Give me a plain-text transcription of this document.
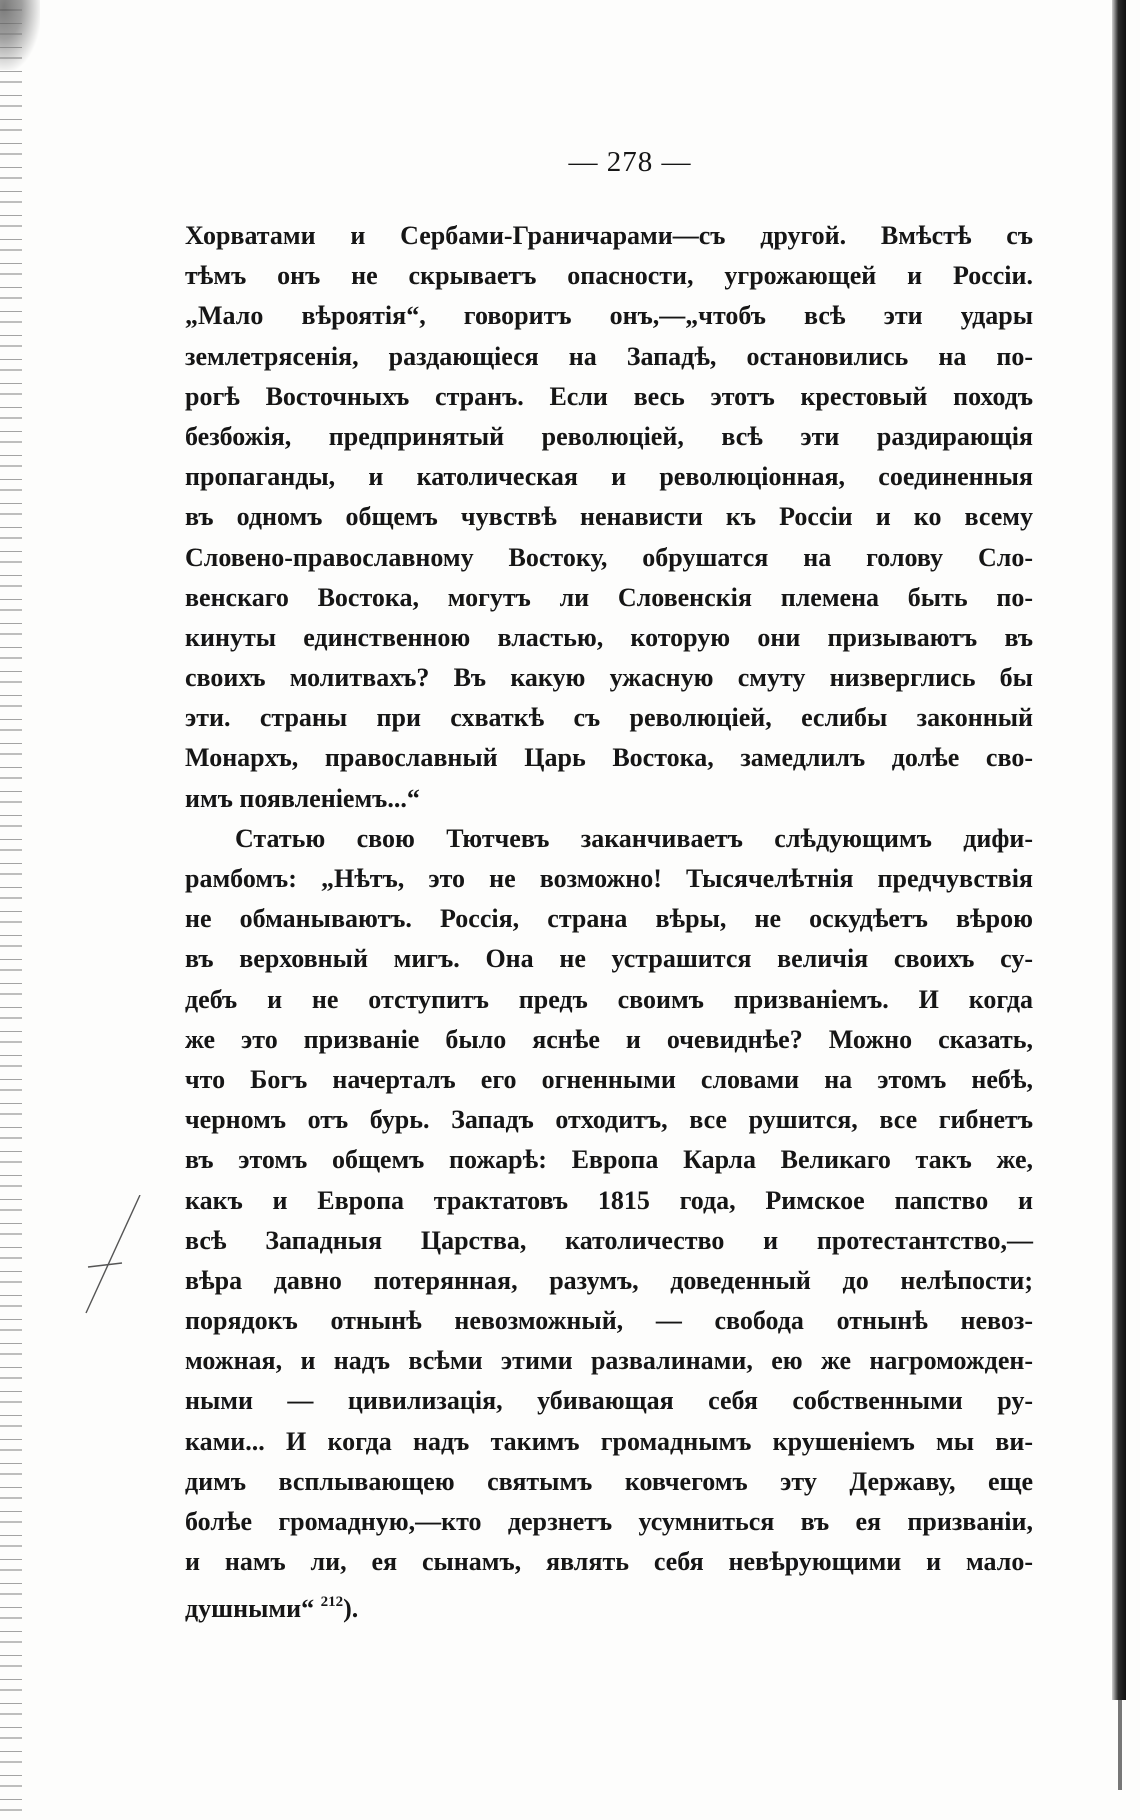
— 278 —
Хорватами и Сербами-Граничарами—съ другой. Вмѣстѣ съ
тѣмъ онъ не скрываетъ опасности, угрожающей и Россіи.
„Мало вѣроятія“, говоритъ онъ,—„чтобъ всѣ эти удары
землетрясенія, раздающіеся на Западѣ, остановились на по-
рогѣ Восточныхъ странъ. Если весь этотъ крестовый походъ
безбожія, предпринятый революціей, всѣ эти раздирающія
пропаганды, и католическая и революціонная, соединенныя
въ одномъ общемъ чувствѣ ненависти къ Россіи и ко всему
Словено-православному Востоку, обрушатся на голову Сло-
венскаго Востока, могутъ ли Словенскія племена быть по-
кинуты единственною властью, которую они призываютъ въ
своихъ молитвахъ? Въ какую ужасную смуту низверглись бы
эти. страны при схваткѣ съ революціей, еслибы законный
Монархъ, православный Царь Востока, замедлилъ долѣе сво-
имъ появленіемъ...“
Статью свою Тютчевъ заканчиваетъ слѣдующимъ дифи-
рамбомъ: „Нѣтъ, это не возможно! Тысячелѣтнія предчувствія
не обманываютъ. Россія, страна вѣры, не оскудѣетъ вѣрою
въ верховный мигъ. Она не устрашится величія своихъ су-
дебъ и не отступитъ предъ своимъ призваніемъ. И когда
же это призваніе было яснѣе и очевиднѣе? Можно сказать,
что Богъ начерталъ его огненными словами на этомъ небѣ,
черномъ отъ бурь. Западъ отходитъ, все рушится, все гибнетъ
въ этомъ общемъ пожарѣ: Европа Карла Великаго такъ же,
какъ и Европа трактатовъ 1815 года, Римское папство и
всѣ Западныя Царства, католичество и протестантство,—
вѣра давно потерянная, разумъ, доведенный до нелѣпости;
порядокъ отнынѣ невозможный, — свобода отнынѣ невоз-
можная, и надъ всѣми этими развалинами, ею же нагроможден-
ными — цивилизація, убивающая себя собственными ру-
ками... И когда надъ такимъ громаднымъ крушеніемъ мы ви-
димъ всплывающею святымъ ковчегомъ эту Державу, еще
болѣе громадную,—кто дерзнетъ усумниться въ ея призваніи,
и намъ ли, ея сынамъ, являть себя невѣрующими и мало-
душными“ $^{212}$).
